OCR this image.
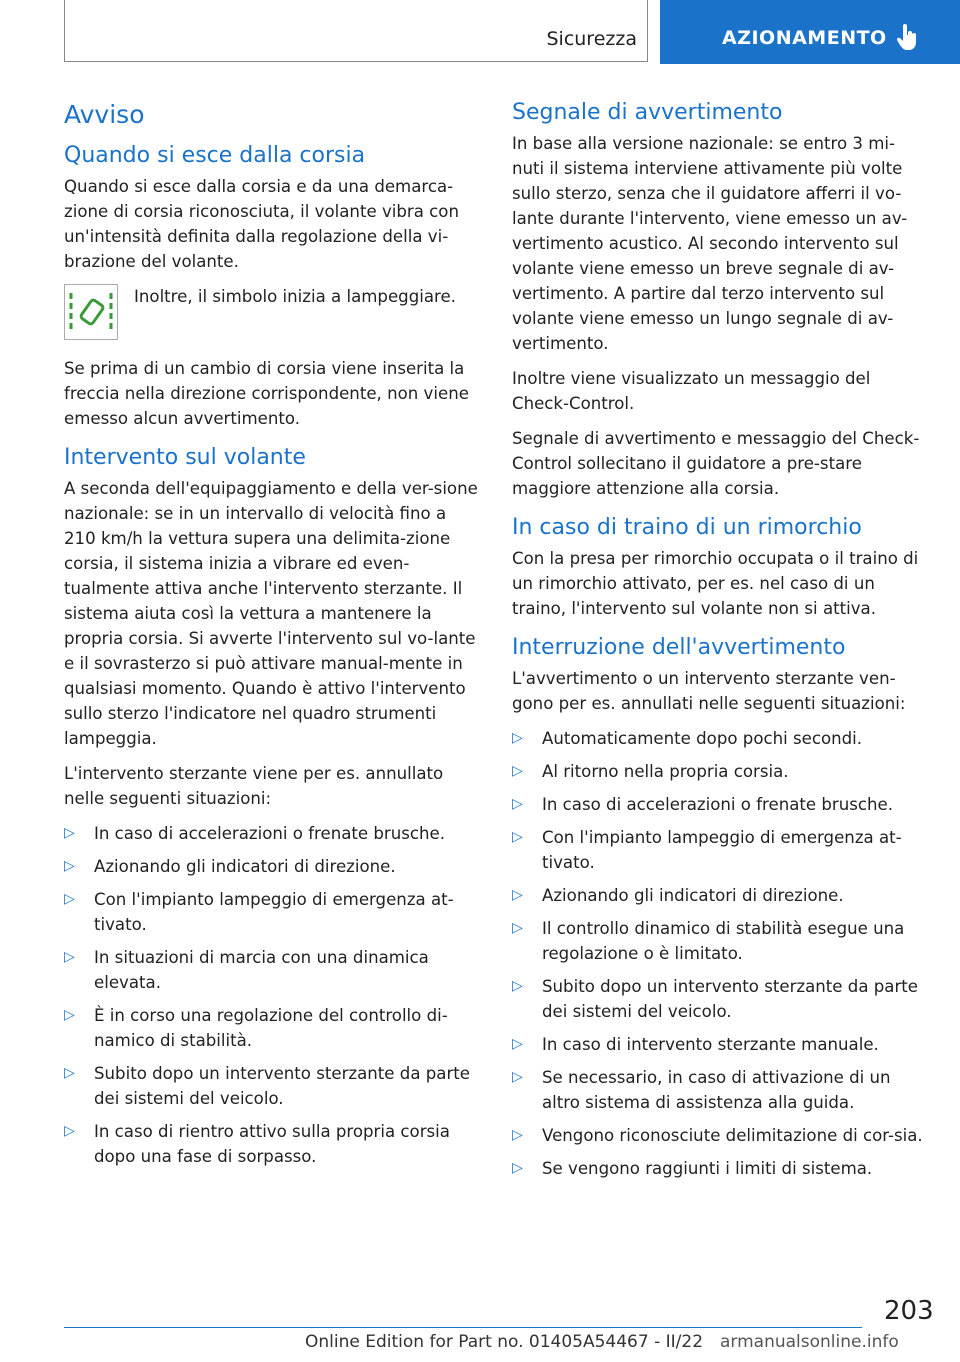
Sicurezza	AZIONAMENTO
Avviso
Quando si esce dalla corsia

Quando si esce dalla corsia e da una demarca-zione di corsia riconosciuta, il volante vibra con un'intensità definita dalla regolazione della vi-brazione del volante.

Inoltre, il simbolo inizia a lampeggiare.

Se prima di un cambio di corsia viene inserita la freccia nella direzione corrispondente, non viene emesso alcun avvertimento.

Intervento sul volante

A seconda dell'equipaggiamento e della ver-sione nazionale: se in un intervallo di velocità fino a 210 km/h la vettura supera una delimita-zione corsia, il sistema inizia a vibrare ed even-tualmente attiva anche l'intervento sterzante. Il sistema aiuta così la vettura a mantenere la propria corsia. Si avverte l'intervento sul vo-lante e il sovrasterzo si può attivare manual-mente in qualsiasi momento. Quando è attivo l'intervento sullo sterzo l'indicatore nel quadro strumenti lampeggia.

L'intervento sterzante viene per es. annullato nelle seguenti situazioni:

▷ In caso di accelerazioni o frenate brusche.
▷ Azionando gli indicatori di direzione.
▷ Con l'impianto lampeggio di emergenza at-tivato.
▷ In situazioni di marcia con una dinamica elevata.
▷ È in corso una regolazione del controllo di-namico di stabilità.
▷ Subito dopo un intervento sterzante da parte dei sistemi del veicolo.
▷ In caso di rientro attivo sulla propria corsia dopo una fase di sorpasso.
Segnale di avvertimento

In base alla versione nazionale: se entro 3 mi-nuti il sistema interviene attivamente più volte sullo sterzo, senza che il guidatore afferri il vo-lante durante l'intervento, viene emesso un av-vertimento acustico. Al secondo intervento sul volante viene emesso un breve segnale di av-vertimento. A partire dal terzo intervento sul volante viene emesso un lungo segnale di av-vertimento.

Inoltre viene visualizzato un messaggio del Check-Control.

Segnale di avvertimento e messaggio del Check-Control sollecitano il guidatore a pre-stare maggiore attenzione alla corsia.

In caso di traino di un rimorchio

Con la presa per rimorchio occupata o il traino di un rimorchio attivato, per es. nel caso di un traino, l'intervento sul volante non si attiva.

Interruzione dell'avvertimento

L'avvertimento o un intervento sterzante ven-gono per es. annullati nelle seguenti situazioni:

▷ Automaticamente dopo pochi secondi.
▷ Al ritorno nella propria corsia.
▷ In caso di accelerazioni o frenate brusche.
▷ Con l'impianto lampeggio di emergenza at-tivato.
▷ Azionando gli indicatori di direzione.
▷ Il controllo dinamico di stabilità esegue una regolazione o è limitato.
▷ Subito dopo un intervento sterzante da parte dei sistemi del veicolo.
▷ In caso di intervento sterzante manuale.
▷ Se necessario, in caso di attivazione di un altro sistema di assistenza alla guida.
▷ Vengono riconosciute delimitazione di cor-sia.
▷ Se vengono raggiunti i limiti di sistema.
203
Online Edition for Part no. 01405A54467 - II/22 armanualsonline.info
